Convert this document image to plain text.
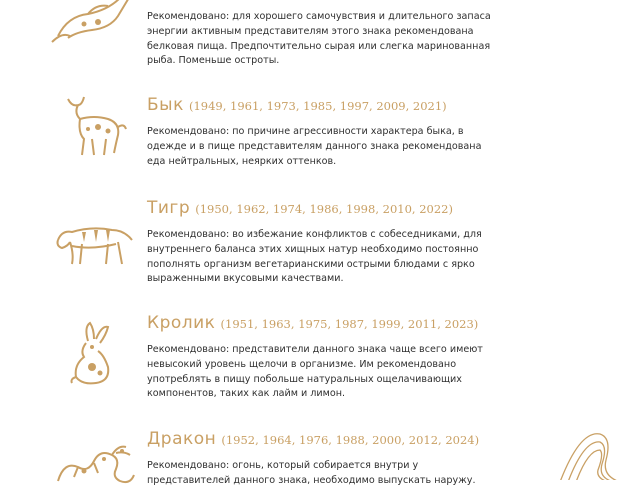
Рекомендовано: для хорошего самочувствия и длительного запаса энергии активным представителям этого знака рекомендована белковая пища. Предпочтительно сырая или слегка маринованная рыба. Поменьше остроты.
Бык (1949, 1961, 1973, 1985, 1997, 2009, 2021)
Рекомендовано: по причине агрессивности характера быка, в одежде и в пище представителям данного знака рекомендована еда нейтральных, неярких оттенков.
Тигр (1950, 1962, 1974, 1986, 1998, 2010, 2022)
Рекомендовано: во избежание конфликтов с собеседниками, для внутреннего баланса этих хищных натур необходимо постоянно пополнять организм вегетарианскими острыми блюдами с ярко выраженными вкусовыми качествами.
Кролик (1951, 1963, 1975, 1987, 1999, 2011, 2023)
Рекомендовано: представители данного знака чаще всего имеют невысокий уровень щелочи в организме. Им рекомендовано употреблять в пищу побольше натуральных ощелачивающих компонентов, таких как лайм и лимон.
Дракон (1952, 1964, 1976, 1988, 2000, 2012, 2024)
Рекомендовано: огонь, который собирается внутри у представителей данного знака, необходимо выпускать наружу.
